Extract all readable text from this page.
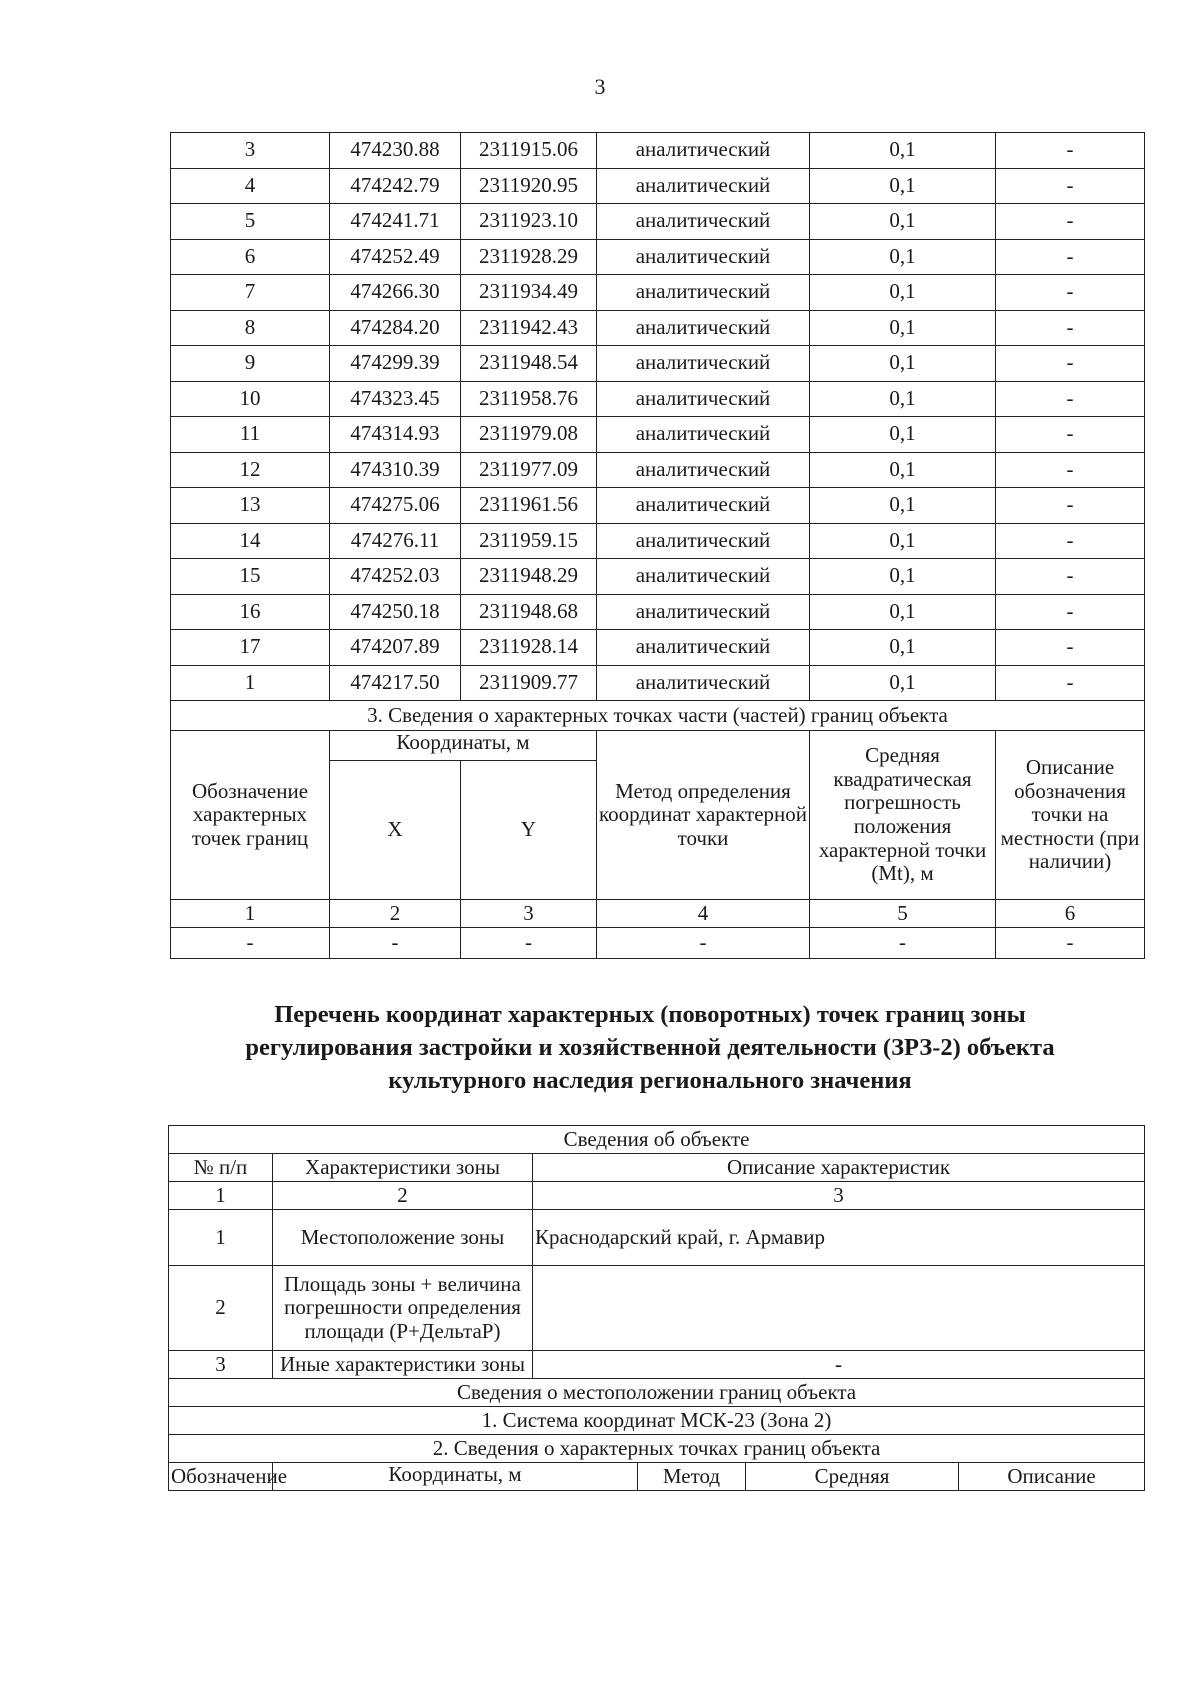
3
3	474230.88	2311915.06	аналитический	0,1	-
4	474242.79	2311920.95	аналитический	0,1	-
5	474241.71	2311923.10	аналитический	0,1	-
6	474252.49	2311928.29	аналитический	0,1	-
7	474266.30	2311934.49	аналитический	0,1	-
8	474284.20	2311942.43	аналитический	0,1	-
9	474299.39	2311948.54	аналитический	0,1	-
10	474323.45	2311958.76	аналитический	0,1	-
11	474314.93	2311979.08	аналитический	0,1	-
12	474310.39	2311977.09	аналитический	0,1	-
13	474275.06	2311961.56	аналитический	0,1	-
14	474276.11	2311959.15	аналитический	0,1	-
15	474252.03	2311948.29	аналитический	0,1	-
16	474250.18	2311948.68	аналитический	0,1	-
17	474207.89	2311928.14	аналитический	0,1	-
1	474217.50	2311909.77	аналитический	0,1	-
3. Сведения о характерных точках части (частей) границ объекта					
Обозначение характерных точек границ	Координаты, м		Метод определения координат характерной точки	Средняя квадратическая погрешность положения характерной точки (Mt), м	Описание обозначения точки на местности (при наличии)
	X	Y			
1	2	3	4	5	6
-	-	-	-	-	-
Перечень координат характерных (поворотных) точек границ зоны
регулирования застройки и хозяйственной деятельности (ЗРЗ-2) объекта
культурного наследия регионального значения
Сведения об объекте					
№ п/п	Характеристики зоны	Описание характеристик			
1	2	3			
1	Местоположение зоны	Краснодарский край, г. Армавир			
2	Площадь зоны + величина погрешности определения площади (Р+ДельтаР)				
3	Иные характеристики зоны	-			
Сведения о местоположении границ объекта					
1. Система координат МСК-23 (Зона 2)					
2. Сведения о характерных точках границ объекта					
Обозначение	Координаты, м		Метод	Средняя	Описание
